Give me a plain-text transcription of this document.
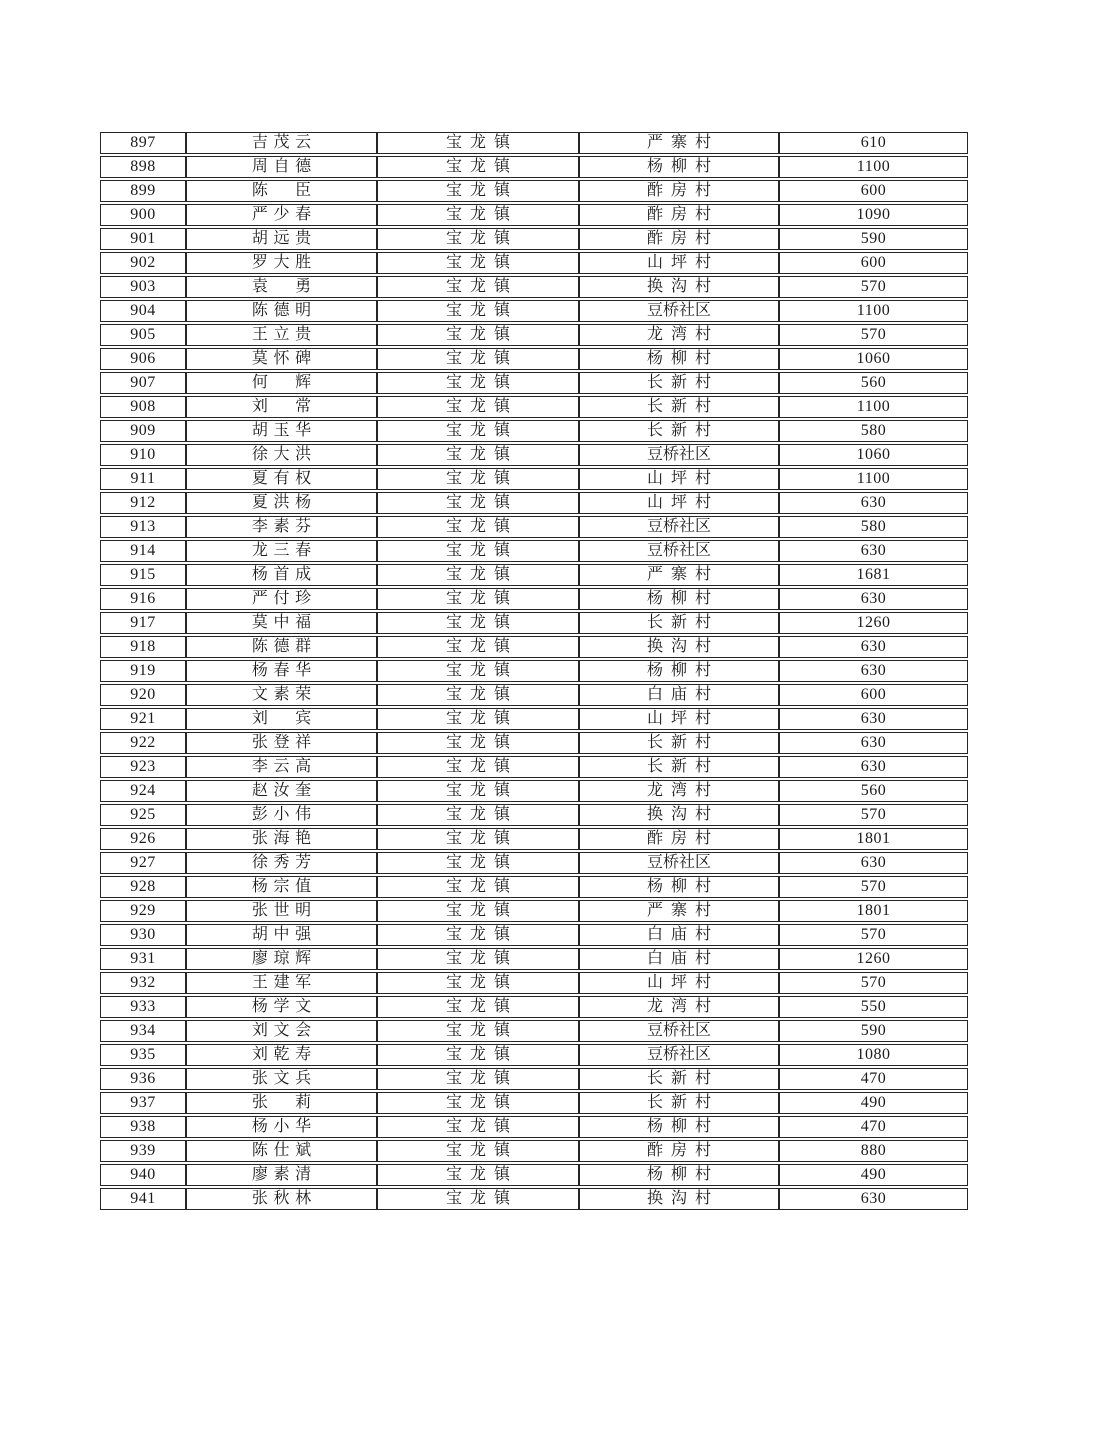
897	吉茂云	宝龙镇	严寨村	610
898	周自德	宝龙镇	杨柳村	1100
899	陈　臣	宝龙镇	酢房村	600
900	严少春	宝龙镇	酢房村	1090
901	胡远贵	宝龙镇	酢房村	590
902	罗大胜	宝龙镇	山坪村	600
903	袁　勇	宝龙镇	换沟村	570
904	陈德明	宝龙镇	豆桥社区	1100
905	王立贵	宝龙镇	龙湾村	570
906	莫怀碑	宝龙镇	杨柳村	1060
907	何　辉	宝龙镇	长新村	560
908	刘　常	宝龙镇	长新村	1100
909	胡玉华	宝龙镇	长新村	580
910	徐大洪	宝龙镇	豆桥社区	1060
911	夏有权	宝龙镇	山坪村	1100
912	夏洪杨	宝龙镇	山坪村	630
913	李素芬	宝龙镇	豆桥社区	580
914	龙三春	宝龙镇	豆桥社区	630
915	杨首成	宝龙镇	严寨村	1681
916	严付珍	宝龙镇	杨柳村	630
917	莫中福	宝龙镇	长新村	1260
918	陈德群	宝龙镇	换沟村	630
919	杨春华	宝龙镇	杨柳村	630
920	文素荣	宝龙镇	白庙村	600
921	刘　宾	宝龙镇	山坪村	630
922	张登祥	宝龙镇	长新村	630
923	李云高	宝龙镇	长新村	630
924	赵汝奎	宝龙镇	龙湾村	560
925	彭小伟	宝龙镇	换沟村	570
926	张海艳	宝龙镇	酢房村	1801
927	徐秀芳	宝龙镇	豆桥社区	630
928	杨宗值	宝龙镇	杨柳村	570
929	张世明	宝龙镇	严寨村	1801
930	胡中强	宝龙镇	白庙村	570
931	廖琼辉	宝龙镇	白庙村	1260
932	王建军	宝龙镇	山坪村	570
933	杨学文	宝龙镇	龙湾村	550
934	刘文会	宝龙镇	豆桥社区	590
935	刘乾寿	宝龙镇	豆桥社区	1080
936	张文兵	宝龙镇	长新村	470
937	张　莉	宝龙镇	长新村	490
938	杨小华	宝龙镇	杨柳村	470
939	陈仕斌	宝龙镇	酢房村	880
940	廖素清	宝龙镇	杨柳村	490
941	张秋林	宝龙镇	换沟村	630
